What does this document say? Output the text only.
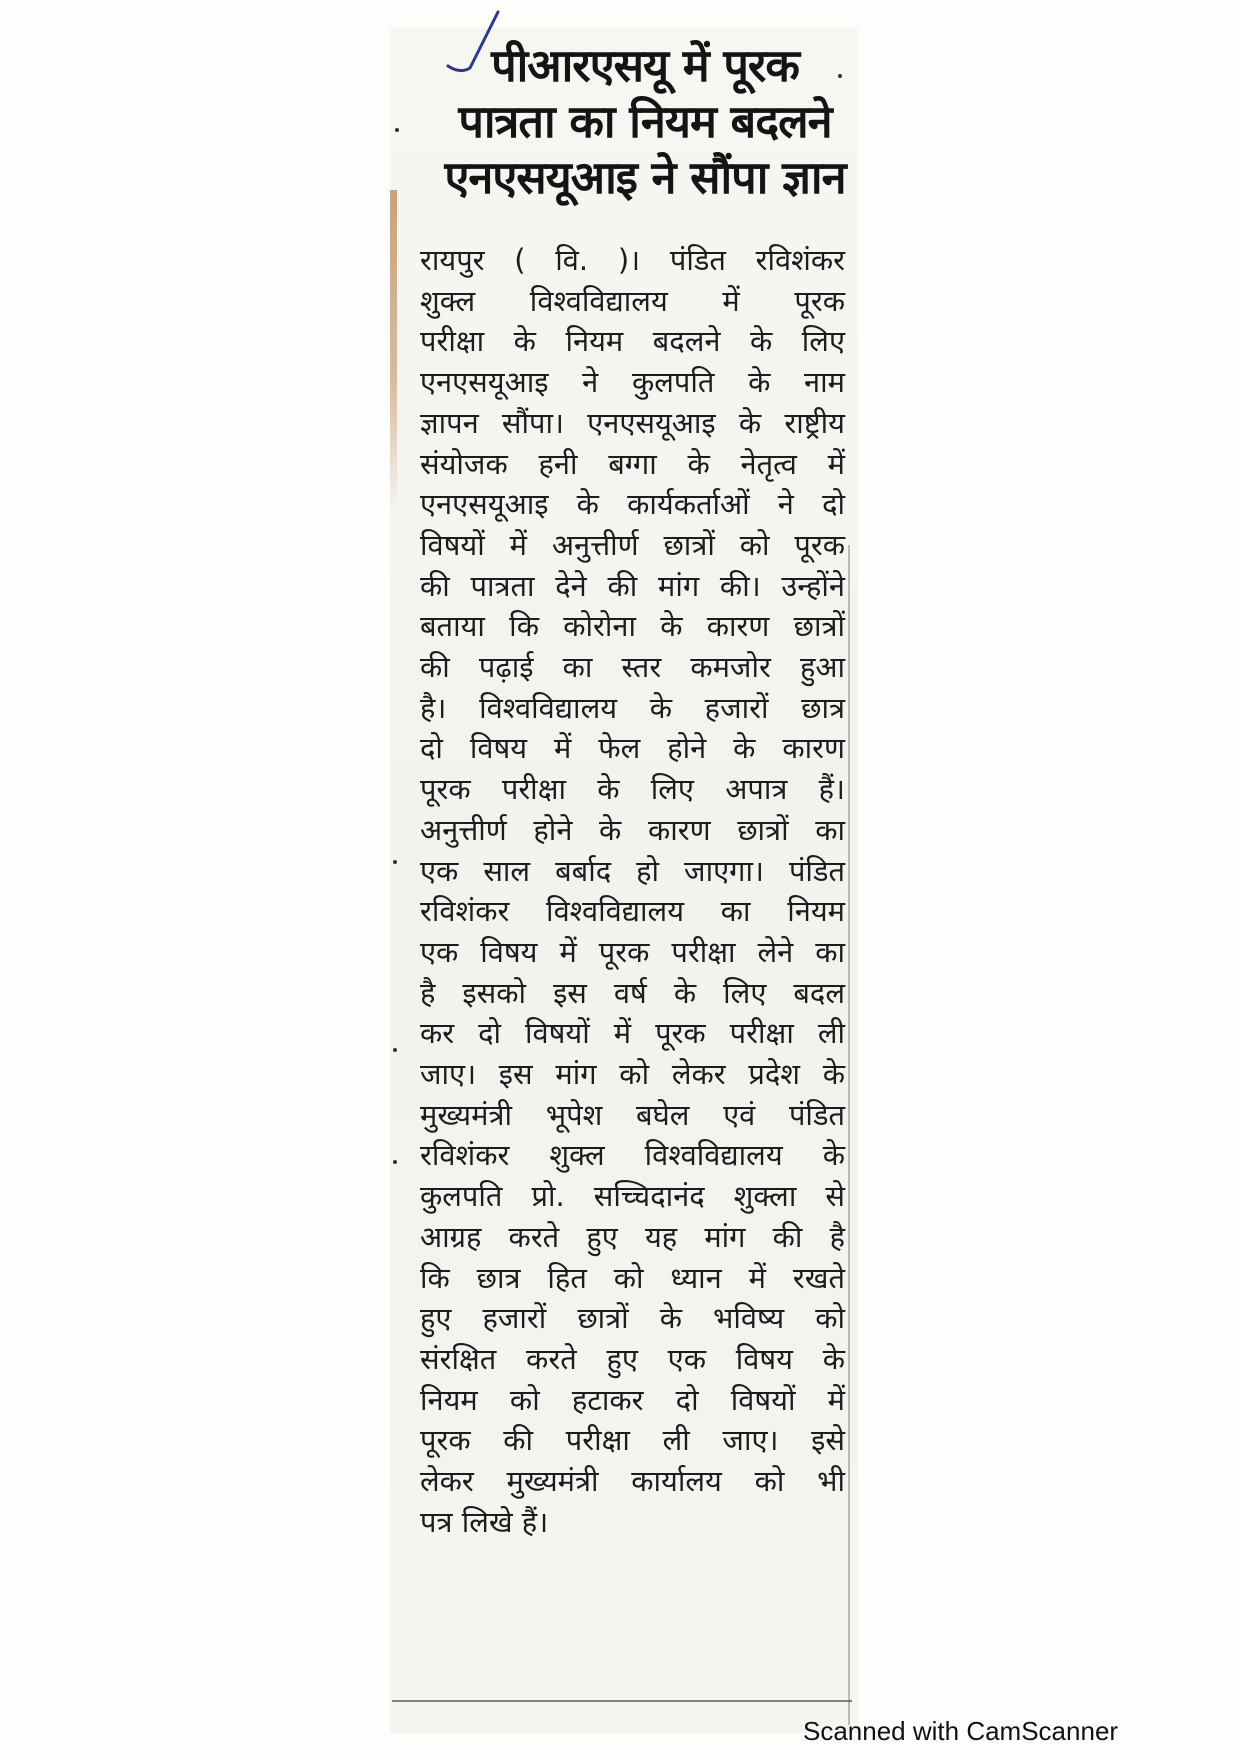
पीआरएसयू में पूरक
पात्रता का नियम बदलने
एनएसयूआइ ने सौंपा ज्ञान
रायपुर ( वि. )। पंडित रविशंकर
शुक्ल विश्वविद्यालय में पूरक
परीक्षा के नियम बदलने के लिए
एनएसयूआइ ने कुलपति के नाम
ज्ञापन सौंपा। एनएसयूआइ के राष्ट्रीय
संयोजक हनी बग्गा के नेतृत्व में
एनएसयूआइ के कार्यकर्ताओं ने दो
विषयों में अनुत्तीर्ण छात्रों को पूरक
की पात्रता देने की मांग की। उन्होंने
बताया कि कोरोना के कारण छात्रों
की पढ़ाई का स्तर कमजोर हुआ
है। विश्वविद्यालय के हजारों छात्र
दो विषय में फेल होने के कारण
पूरक परीक्षा के लिए अपात्र हैं।
अनुत्तीर्ण होने के कारण छात्रों का
एक साल बर्बाद हो जाएगा। पंडित
रविशंकर विश्वविद्यालय का नियम
एक विषय में पूरक परीक्षा लेने का
है इसको इस वर्ष के लिए बदल
कर दो विषयों में पूरक परीक्षा ली
जाए। इस मांग को लेकर प्रदेश के
मुख्यमंत्री भूपेश बघेल एवं पंडित
रविशंकर शुक्ल विश्वविद्यालय के
कुलपति प्रो. सच्चिदानंद शुक्ला से
आग्रह करते हुए यह मांग की है
कि छात्र हित को ध्यान में रखते
हुए हजारों छात्रों के भविष्य को
संरक्षित करते हुए एक विषय के
नियम को हटाकर दो विषयों में
पूरक की परीक्षा ली जाए। इसे
लेकर मुख्यमंत्री कार्यालय को भी
पत्र लिखे हैं।

Scanned with CamScanner
